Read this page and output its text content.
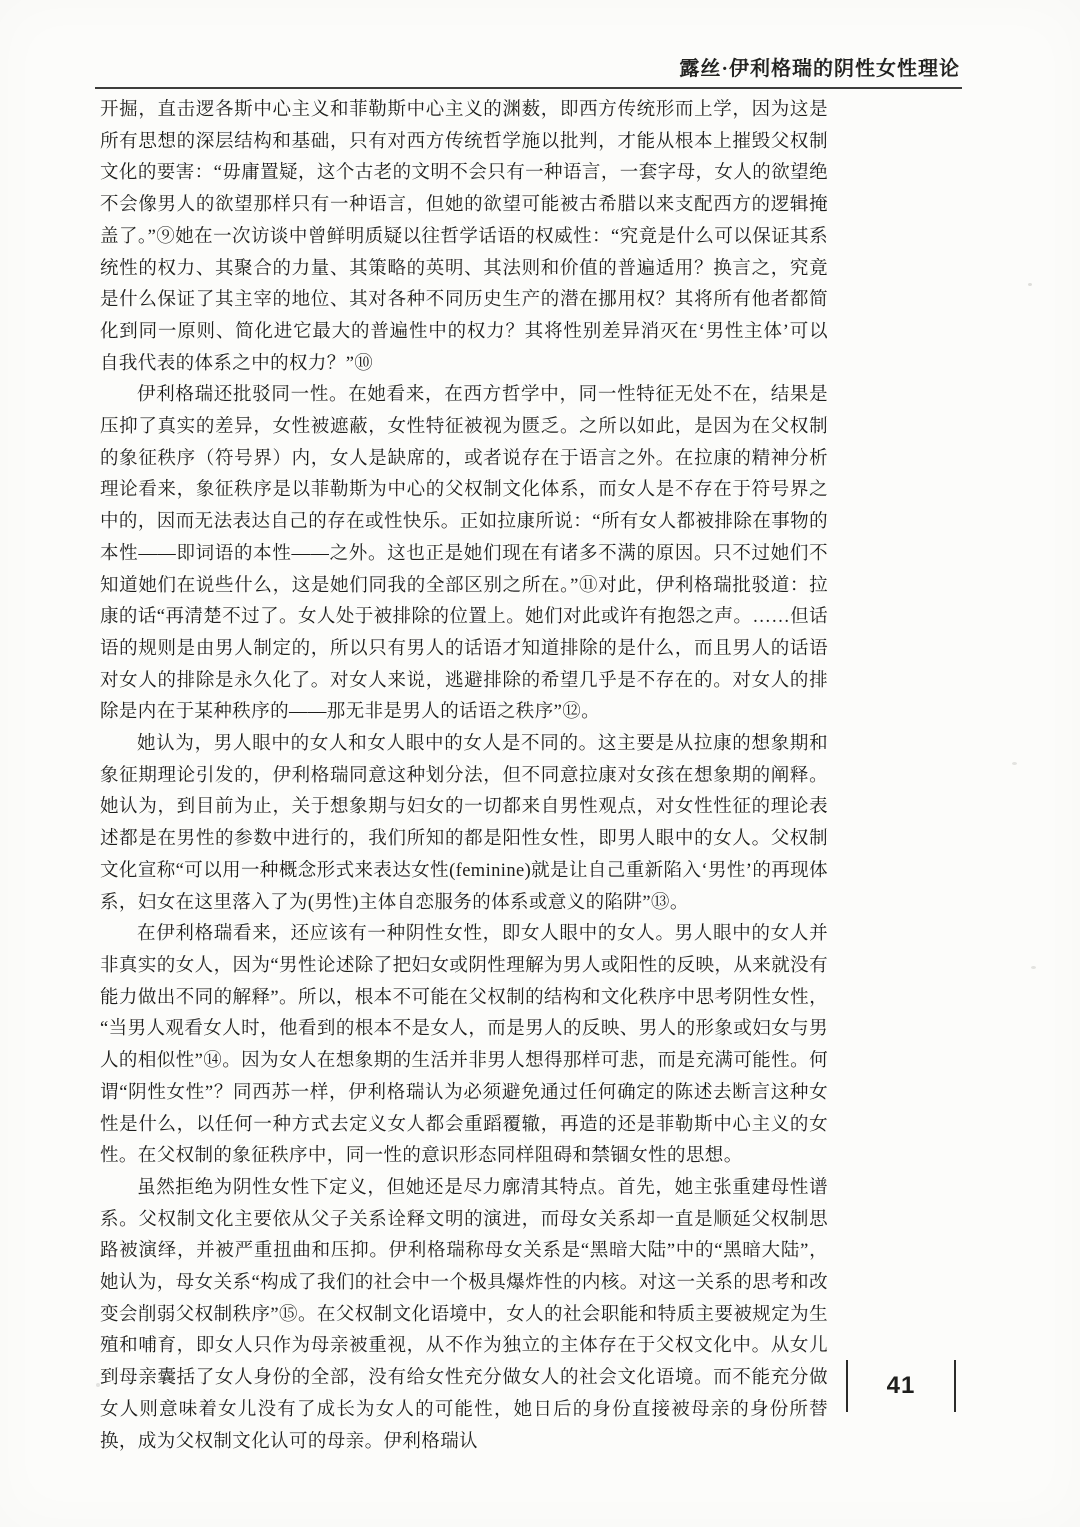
露丝·伊利格瑞的阴性女性理论

开掘，直击逻各斯中心主义和菲勒斯中心主义的渊薮，即西方传统形而上学，因为这是所有思想的深层结构和基础，只有对西方传统哲学施以批判，才能从根本上摧毁父权制文化的要害：“毋庸置疑，这个古老的文明不会只有一种语言，一套字母，女人的欲望绝不会像男人的欲望那样只有一种语言，但她的欲望可能被古希腊以来支配西方的逻辑掩盖了。”⑨她在一次访谈中曾鲜明质疑以往哲学话语的权威性：“究竟是什么可以保证其系统性的权力、其聚合的力量、其策略的英明、其法则和价值的普遍适用？换言之，究竟是什么保证了其主宰的地位、其对各种不同历史生产的潜在挪用权？其将所有他者都简化到同一原则、简化进它最大的普遍性中的权力？其将性别差异消灭在‘男性主体’可以自我代表的体系之中的权力？”⑩

伊利格瑞还批驳同一性。在她看来，在西方哲学中，同一性特征无处不在，结果是压抑了真实的差异，女性被遮蔽，女性特征被视为匮乏。之所以如此，是因为在父权制的象征秩序（符号界）内，女人是缺席的，或者说存在于语言之外。在拉康的精神分析理论看来，象征秩序是以菲勒斯为中心的父权制文化体系，而女人是不存在于符号界之中的，因而无法表达自己的存在或性快乐。正如拉康所说：“所有女人都被排除在事物的本性——即词语的本性——之外。这也正是她们现在有诸多不满的原因。只不过她们不知道她们在说些什么，这是她们同我的全部区别之所在。”⑪对此，伊利格瑞批驳道：拉康的话“再清楚不过了。女人处于被排除的位置上。她们对此或许有抱怨之声。……但话语的规则是由男人制定的，所以只有男人的话语才知道排除的是什么，而且男人的话语对女人的排除是永久化了。对女人来说，逃避排除的希望几乎是不存在的。对女人的排除是内在于某种秩序的——那无非是男人的话语之秩序”⑫。

她认为，男人眼中的女人和女人眼中的女人是不同的。这主要是从拉康的想象期和象征期理论引发的，伊利格瑞同意这种划分法，但不同意拉康对女孩在想象期的阐释。她认为，到目前为止，关于想象期与妇女的一切都来自男性观点，对女性性征的理论表述都是在男性的参数中进行的，我们所知的都是阳性女性，即男人眼中的女人。父权制文化宣称“可以用一种概念形式来表达女性(feminine)就是让自己重新陷入‘男性’的再现体系，妇女在这里落入了为(男性)主体自恋服务的体系或意义的陷阱”⑬。

在伊利格瑞看来，还应该有一种阴性女性，即女人眼中的女人。男人眼中的女人并非真实的女人，因为“男性论述除了把妇女或阴性理解为男人或阳性的反映，从来就没有能力做出不同的解释”。所以，根本不可能在父权制的结构和文化秩序中思考阴性女性，“当男人观看女人时，他看到的根本不是女人，而是男人的反映、男人的形象或妇女与男人的相似性”⑭。因为女人在想象期的生活并非男人想得那样可悲，而是充满可能性。何谓“阴性女性”？同西苏一样，伊利格瑞认为必须避免通过任何确定的陈述去断言这种女性是什么，以任何一种方式去定义女人都会重蹈覆辙，再造的还是菲勒斯中心主义的女性。在父权制的象征秩序中，同一性的意识形态同样阻碍和禁锢女性的思想。

虽然拒绝为阴性女性下定义，但她还是尽力廓清其特点。首先，她主张重建母性谱系。父权制文化主要依从父子关系诠释文明的演进，而母女关系却一直是顺延父权制思路被演绎，并被严重扭曲和压抑。伊利格瑞称母女关系是“黑暗大陆”中的“黑暗大陆”，她认为，母女关系“构成了我们的社会中一个极具爆炸性的内核。对这一关系的思考和改变会削弱父权制秩序”⑮。在父权制文化语境中，女人的社会职能和特质主要被规定为生殖和哺育，即女人只作为母亲被重视，从不作为独立的主体存在于父权文化中。从女儿到母亲囊括了女人身份的全部，没有给女性充分做女人的社会文化语境。而不能充分做女人则意味着女儿没有了成长为女人的可能性，她日后的身份直接被母亲的身份所替换，成为父权制文化认可的母亲。伊利格瑞认

41
